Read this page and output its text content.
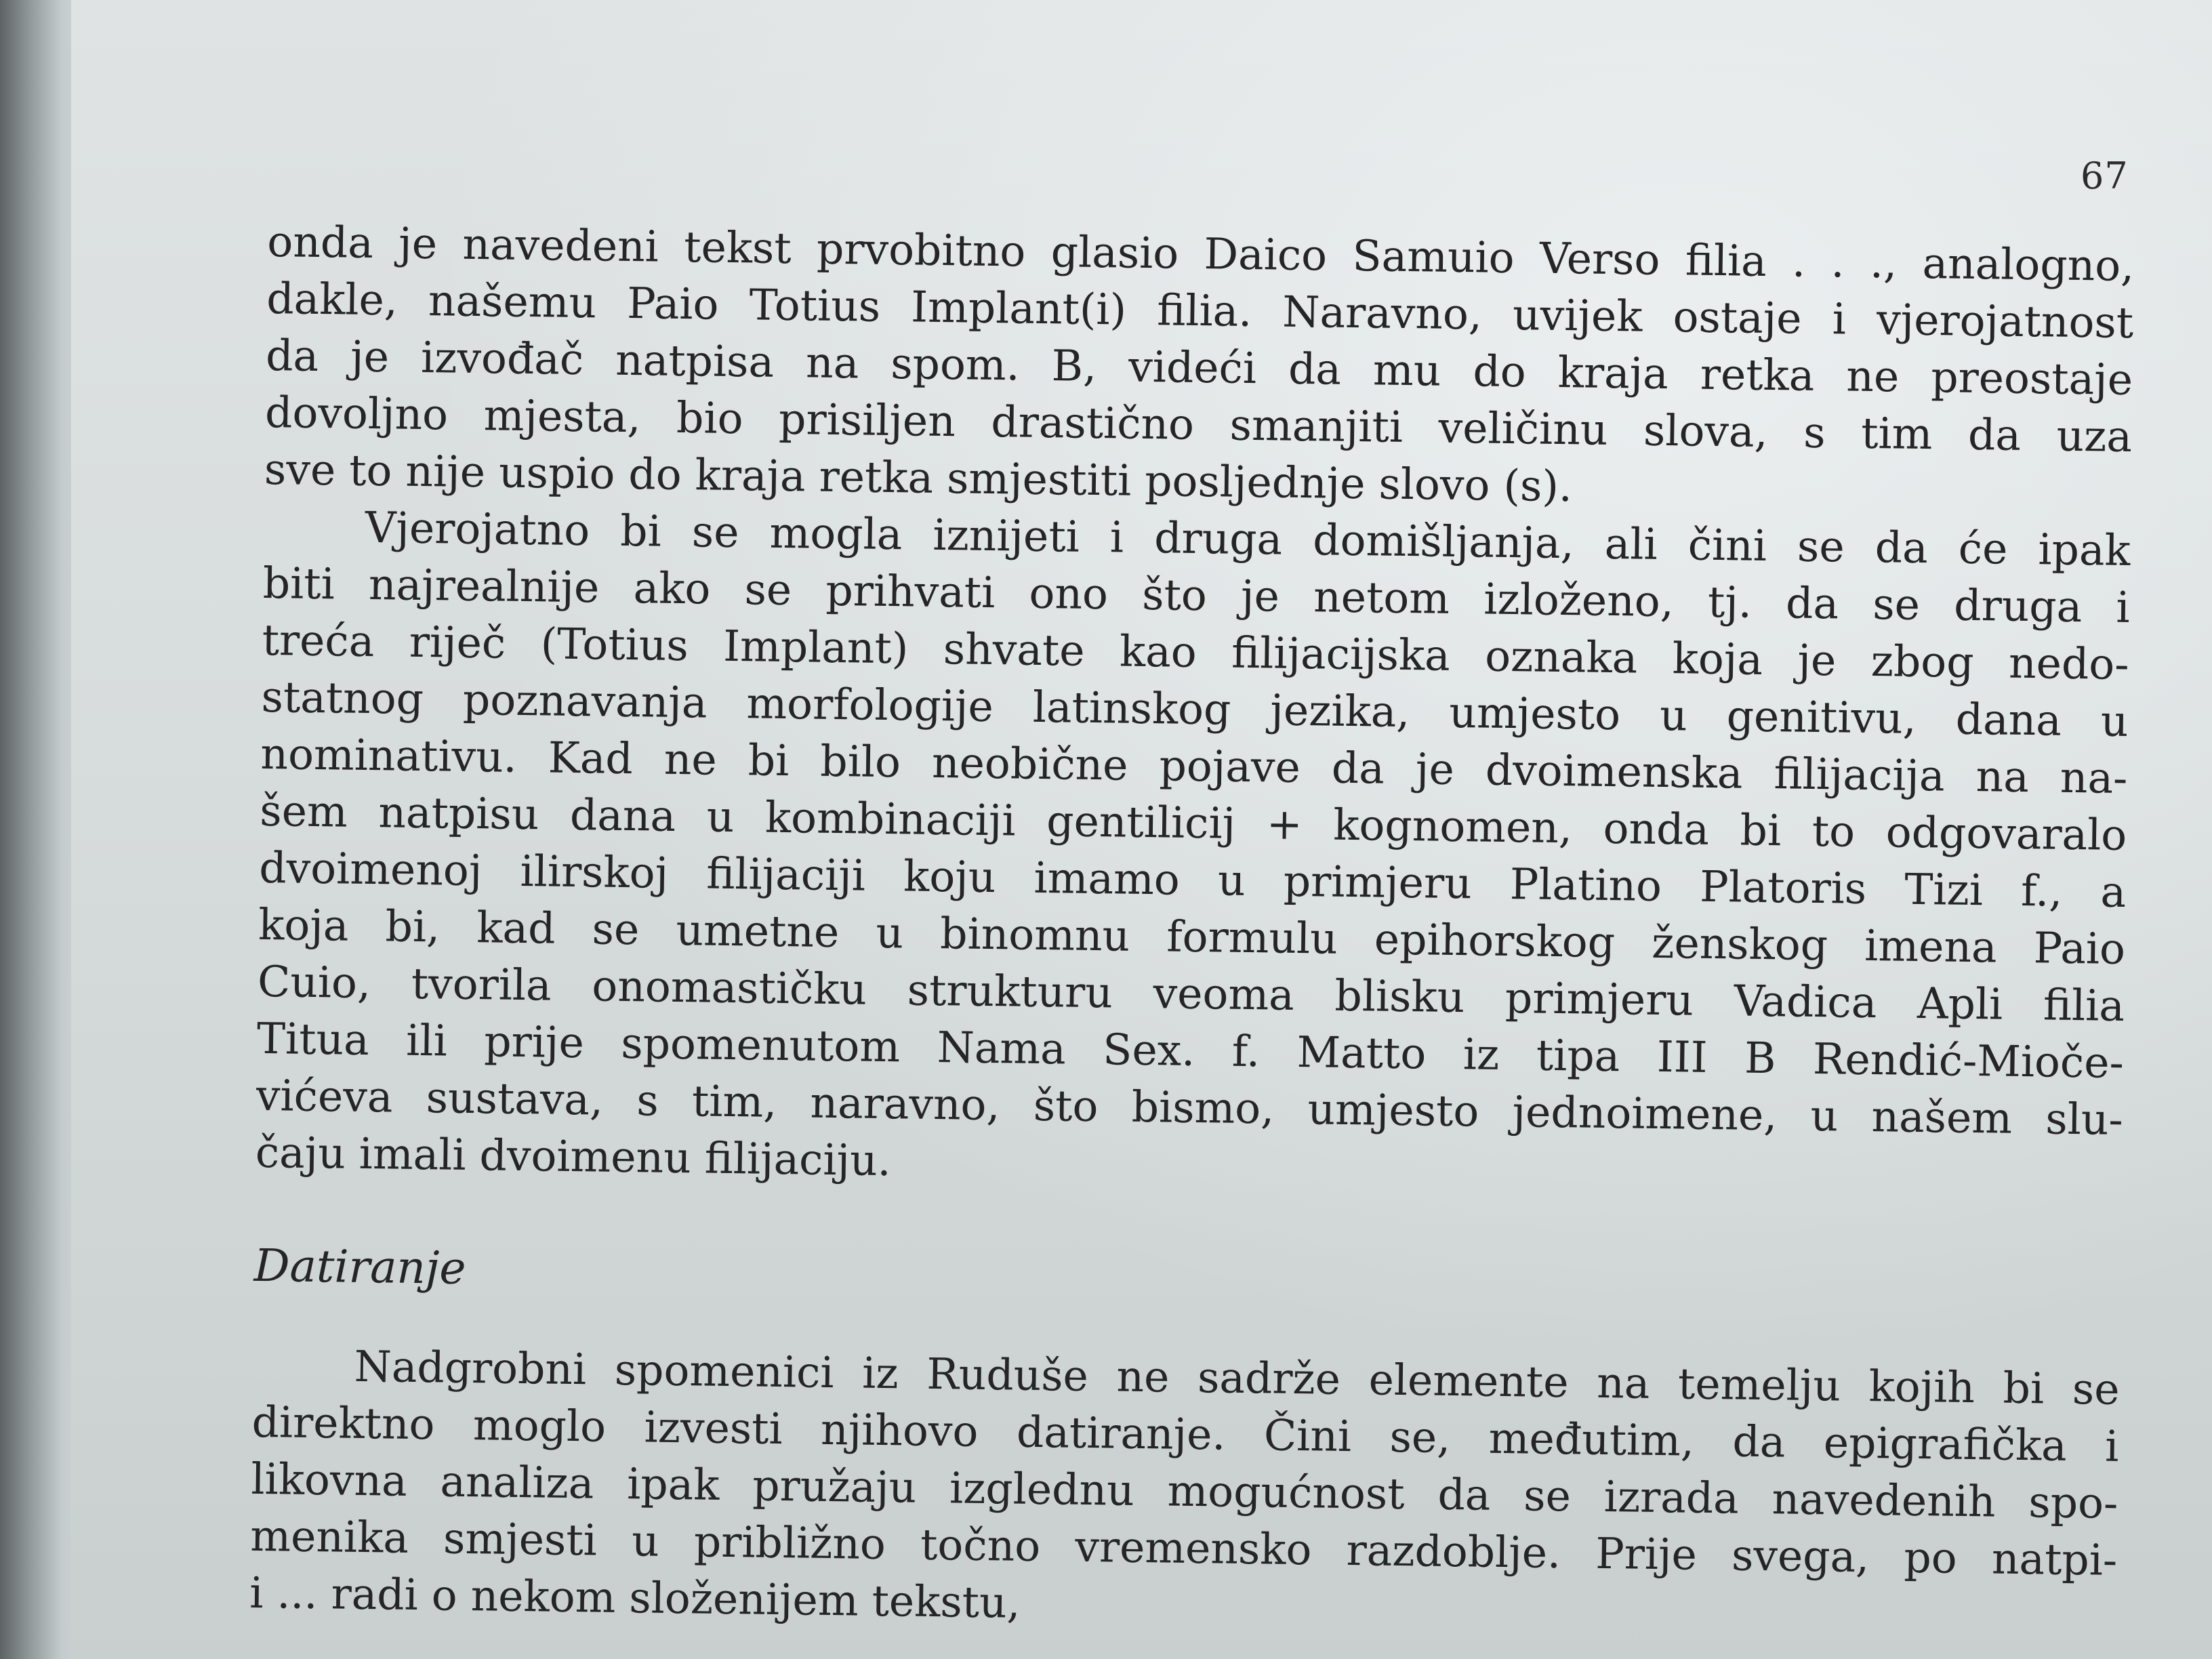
67
onda je navedeni tekst prvobitno glasio Daico Samuio Verso filia . . ., analogno,
dakle, našemu Paio Totius Implant(i) filia. Naravno, uvijek ostaje i vjerojatnost
da je izvođač natpisa na spom. B, videći da mu do kraja retka ne preostaje
dovoljno mjesta, bio prisiljen drastično smanjiti veličinu slova, s tim da uza
sve to nije uspio do kraja retka smjestiti posljednje slovo (s).
Vjerojatno bi se mogla iznijeti i druga domišljanja, ali čini se da će ipak
biti najrealnije ako se prihvati ono što je netom izloženo, tj. da se druga i
treća riječ (Totius Implant) shvate kao filijacijska oznaka koja je zbog nedo-
statnog poznavanja morfologije latinskog jezika, umjesto u genitivu, dana u
nominativu. Kad ne bi bilo neobične pojave da je dvoimenska filijacija na na-
šem natpisu dana u kombinaciji gentilicij + kognomen, onda bi to odgovaralo
dvoimenoj ilirskoj filijaciji koju imamo u primjeru Platino Platoris Tizi f., a
koja bi, kad se umetne u binomnu formulu epihorskog ženskog imena Paio
Cuio, tvorila onomastičku strukturu veoma blisku primjeru Vadica Apli filia
Titua ili prije spomenutom Nama Sex. f. Matto iz tipa III B Rendić-Mioče-
vićeva sustava, s tim, naravno, što bismo, umjesto jednoimene, u našem slu-
čaju imali dvoimenu filijaciju.
Datiranje
Nadgrobni spomenici iz Ruduše ne sadrže elemente na temelju kojih bi se
direktno moglo izvesti njihovo datiranje. Čini se, međutim, da epigrafička i
likovna analiza ipak pružaju izglednu mogućnost da se izrada navedenih spo-
menika smjesti u približno točno vremensko razdoblje. Prije svega, po natpi-
i ... radi o nekom složenijem tekstu,
